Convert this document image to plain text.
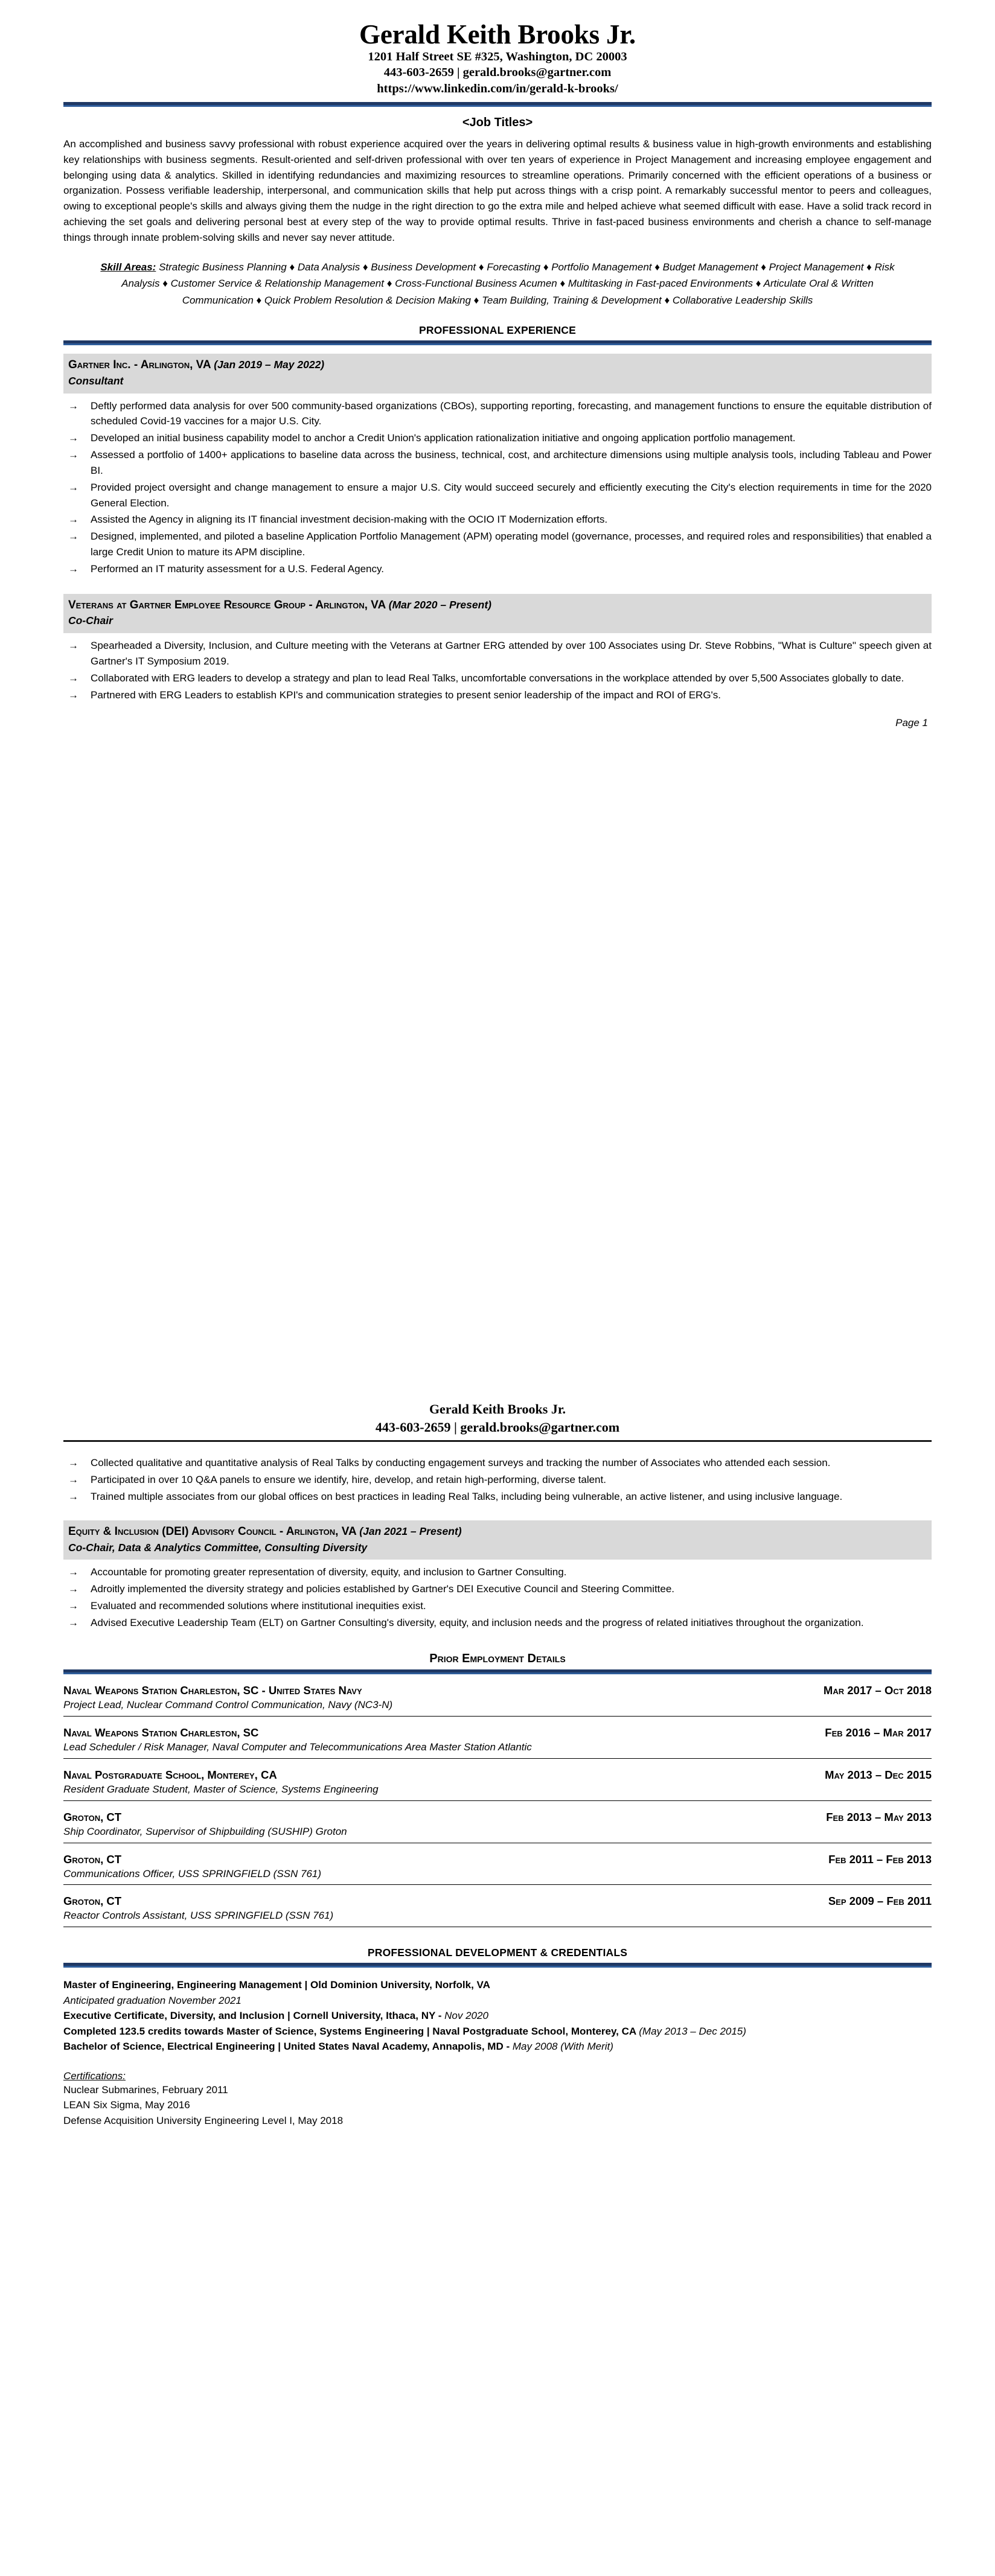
Gerald Keith Brooks Jr.
1201 Half Street SE #325, Washington, DC 20003
443-603-2659 | gerald.brooks@gartner.com
https://www.linkedin.com/in/gerald-k-brooks/
<Job Titles>
An accomplished and business savvy professional with robust experience acquired over the years in delivering optimal results & business value in high-growth environments and establishing key relationships with business segments. Result-oriented and self-driven professional with over ten years of experience in Project Management and increasing employee engagement and belonging using data & analytics. Skilled in identifying redundancies and maximizing resources to streamline operations. Primarily concerned with the efficient operations of a business or organization. Possess verifiable leadership, interpersonal, and communication skills that help put across things with a crisp point. A remarkably successful mentor to peers and colleagues, owing to exceptional people's skills and always giving them the nudge in the right direction to go the extra mile and helped achieve what seemed difficult with ease. Have a solid track record in achieving the set goals and delivering personal best at every step of the way to provide optimal results. Thrive in fast-paced business environments and cherish a chance to self-manage things through innate problem-solving skills and never say never attitude.
Skill Areas: Strategic Business Planning ♦ Data Analysis ♦ Business Development ♦ Forecasting ♦ Portfolio Management ♦ Budget Management ♦ Project Management ♦ Risk Analysis ♦ Customer Service & Relationship Management ♦ Cross-Functional Business Acumen ♦ Multitasking in Fast-paced Environments ♦ Articulate Oral & Written Communication ♦ Quick Problem Resolution & Decision Making ♦ Team Building, Training & Development ♦ Collaborative Leadership Skills
PROFESSIONAL EXPERIENCE
Gartner Inc. - Arlington, VA (Jan 2019 – May 2022)
Consultant
→ Deftly performed data analysis for over 500 community-based organizations (CBOs), supporting reporting, forecasting, and management functions to ensure the equitable distribution of scheduled Covid-19 vaccines for a major U.S. City.
→ Developed an initial business capability model to anchor a Credit Union's application rationalization initiative and ongoing application portfolio management.
→ Assessed a portfolio of 1400+ applications to baseline data across the business, technical, cost, and architecture dimensions using multiple analysis tools, including Tableau and Power BI.
→ Provided project oversight and change management to ensure a major U.S. City would succeed securely and efficiently executing the City's election requirements in time for the 2020 General Election.
→ Assisted the Agency in aligning its IT financial investment decision-making with the OCIO IT Modernization efforts.
→ Designed, implemented, and piloted a baseline Application Portfolio Management (APM) operating model (governance, processes, and required roles and responsibilities) that enabled a large Credit Union to mature its APM discipline.
→ Performed an IT maturity assessment for a U.S. Federal Agency.
Veterans at Gartner Employee Resource Group - Arlington, VA (Mar 2020 – Present)
Co-Chair
→ Spearheaded a Diversity, Inclusion, and Culture meeting with the Veterans at Gartner ERG attended by over 100 Associates using Dr. Steve Robbins, "What is Culture" speech given at Gartner's IT Symposium 2019.
→ Collaborated with ERG leaders to develop a strategy and plan to lead Real Talks, uncomfortable conversations in the workplace attended by over 5,500 Associates globally to date.
→ Partnered with ERG Leaders to establish KPI's and communication strategies to present senior leadership of the impact and ROI of ERG's.
Page 1
Gerald Keith Brooks Jr.
443-603-2659 | gerald.brooks@gartner.com
→ Collected qualitative and quantitative analysis of Real Talks by conducting engagement surveys and tracking the number of Associates who attended each session.
→ Participated in over 10 Q&A panels to ensure we identify, hire, develop, and retain high-performing, diverse talent.
→ Trained multiple associates from our global offices on best practices in leading Real Talks, including being vulnerable, an active listener, and using inclusive language.
Equity & Inclusion (DEI) Advisory Council - Arlington, VA (Jan 2021 – Present)
Co-Chair, Data & Analytics Committee, Consulting Diversity
→ Accountable for promoting greater representation of diversity, equity, and inclusion to Gartner Consulting.
→ Adroitly implemented the diversity strategy and policies established by Gartner's DEI Executive Council and Steering Committee.
→ Evaluated and recommended solutions where institutional inequities exist.
→ Advised Executive Leadership Team (ELT) on Gartner Consulting's diversity, equity, and inclusion needs and the progress of related initiatives throughout the organization.
Prior Employment Details
Naval Weapons Station Charleston, SC - United States Navy	Mar 2017 – Oct 2018
Project Lead, Nuclear Command Control Communication, Navy (NC3-N)
Naval Weapons Station Charleston, SC	Feb 2016 – Mar 2017
Lead Scheduler / Risk Manager, Naval Computer and Telecommunications Area Master Station Atlantic
Naval Postgraduate School, Monterey, CA	May 2013 – Dec 2015
Resident Graduate Student, Master of Science, Systems Engineering
Groton, CT	Feb 2013 – May 2013
Ship Coordinator, Supervisor of Shipbuilding (SUSHIP) Groton
Groton, CT	Feb 2011 – Feb 2013
Communications Officer, USS SPRINGFIELD (SSN 761)
Groton, CT	Sep 2009 – Feb 2011
Reactor Controls Assistant, USS SPRINGFIELD (SSN 761)
PROFESSIONAL DEVELOPMENT & CREDENTIALS
Master of Engineering, Engineering Management | Old Dominion University, Norfolk, VA
Anticipated graduation November 2021
Executive Certificate, Diversity, and Inclusion | Cornell University, Ithaca, NY - Nov 2020
Completed 123.5 credits towards Master of Science, Systems Engineering | Naval Postgraduate School, Monterey, CA (May 2013 – Dec 2015)
Bachelor of Science, Electrical Engineering | United States Naval Academy, Annapolis, MD - May 2008 (With Merit)
Certifications:
Nuclear Submarines, February 2011
LEAN Six Sigma, May 2016
Defense Acquisition University Engineering Level I, May 2018
